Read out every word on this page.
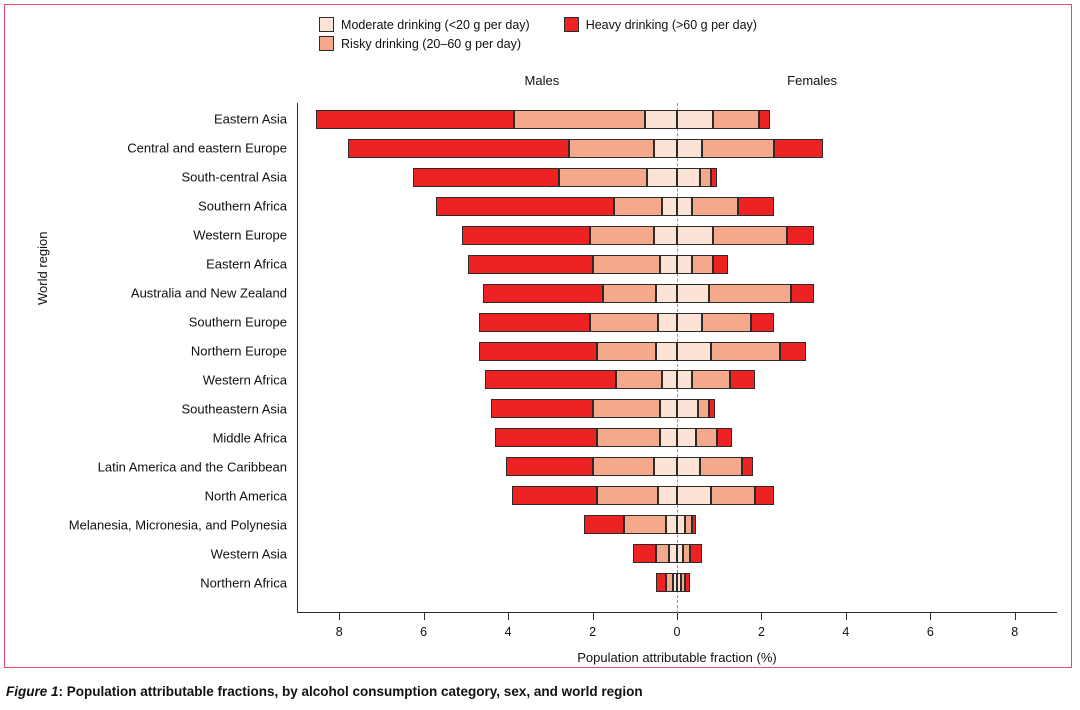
Moderate drinking (<20 g per day)	Heavy drinking (>60 g per day)
Risky drinking (20–60 g per day)
World region
Males	Females
Eastern Asia
Central and eastern Europe
South-central Asia
Southern Africa
Western Europe
Eastern Africa
Australia and New Zealand
Southern Europe
Northern Europe
Western Africa
Southeastern Asia
Middle Africa
Latin America and the Caribbean
North America
Melanesia, Micronesia, and Polynesia
Western Asia
Northern Africa
8	6	4	2	0	2	4	6	8
Population attributable fraction (%)
Figure 1: Population attributable fractions, by alcohol consumption category, sex, and world region
